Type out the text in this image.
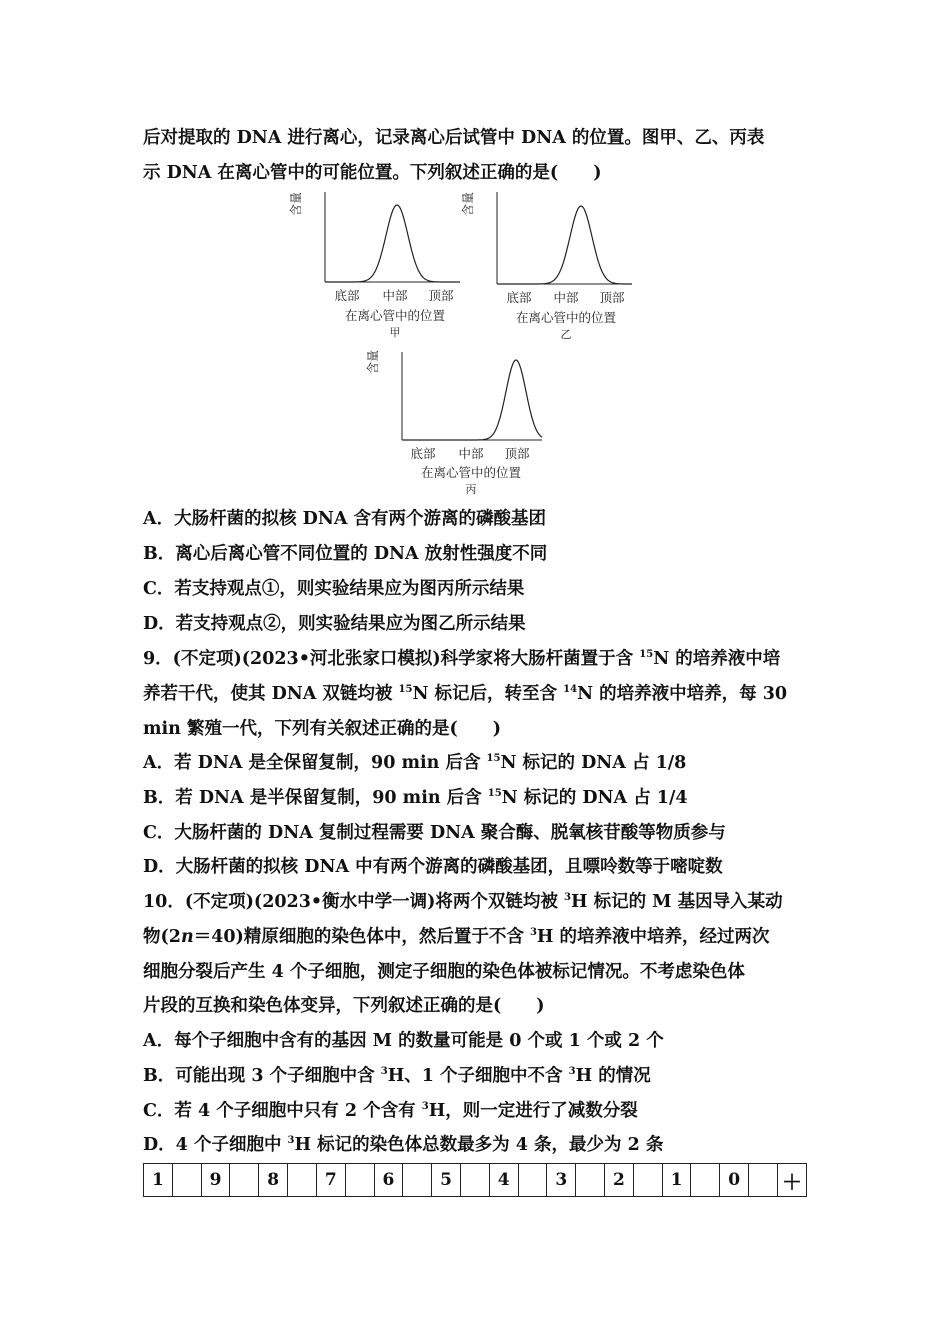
后对提取的 DNA 进行离心，记录离心后试管中 DNA 的位置。图甲、乙、丙表
示 DNA 在离心管中的可能位置。下列叙述正确的是(　　)
含量
底部 中部 顶部
在离心管中的位置
甲
含量
底部 中部 顶部
在离心管中的位置
乙
含量
底部 中部 顶部
在离心管中的位置
丙
A．大肠杆菌的拟核 DNA 含有两个游离的磷酸基团
B．离心后离心管不同位置的 DNA 放射性强度不同
C．若支持观点①，则实验结果应为图丙所示结果
D．若支持观点②，则实验结果应为图乙所示结果
9．(不定项)(2023•河北张家口模拟)科学家将大肠杆菌置于含 $^{15}$N 的培养液中培
养若干代，使其 DNA 双链均被 $^{15}$N 标记后，转至含 $^{14}$N 的培养液中培养，每 30
min 繁殖一代，下列有关叙述正确的是(　　)
A．若 DNA 是全保留复制，90 min 后含 $^{15}$N 标记的 DNA 占 1/8
B．若 DNA 是半保留复制，90 min 后含 $^{15}$N 标记的 DNA 占 1/4
C．大肠杆菌的 DNA 复制过程需要 DNA 聚合酶、脱氧核苷酸等物质参与
D．大肠杆菌的拟核 DNA 中有两个游离的磷酸基团，且嘌呤数等于嘧啶数
10．(不定项)(2023•衡水中学一调)将两个双链均被 $^3$H 标记的 M 基因导入某动
物(2n＝40)精原细胞的染色体中，然后置于不含 $^3$H 的培养液中培养，经过两次
细胞分裂后产生 4 个子细胞，测定子细胞的染色体被标记情况。不考虑染色体
片段的互换和染色体变异，下列叙述正确的是(　　)
A．每个子细胞中含有的基因 M 的数量可能是 0 个或 1 个或 2 个
B．可能出现 3 个子细胞中含 $^3$H、1 个子细胞中不含 $^3$H 的情况
C．若 4 个子细胞中只有 2 个含有 $^3$H，则一定进行了减数分裂
D．4 个子细胞中 $^3$H 标记的染色体总数最多为 4 条，最少为 2 条
1		9		8		7		6		5		4		3		2		1		0		＋
